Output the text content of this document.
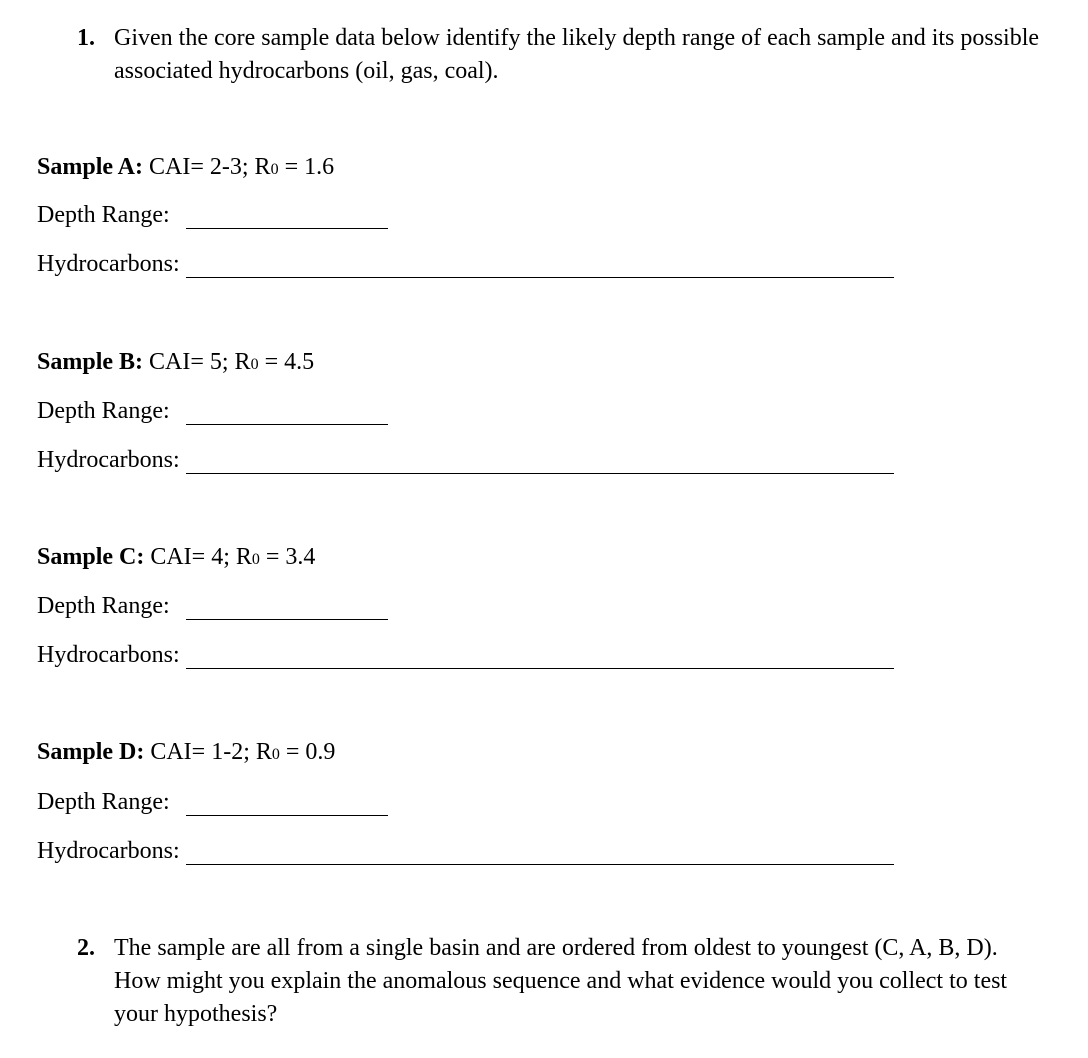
1. Given the core sample data below identify the likely depth range of each sample and its possible associated hydrocarbons (oil, gas, coal).
Sample A: CAI= 2-3; R0 = 1.6
Depth Range:
Hydrocarbons:
Sample B: CAI= 5; R0 = 4.5
Depth Range:
Hydrocarbons:
Sample C: CAI= 4; R0 = 3.4
Depth Range:
Hydrocarbons:
Sample D: CAI= 1-2; R0 = 0.9
Depth Range:
Hydrocarbons:
2. The sample are all from a single basin and are ordered from oldest to youngest (C, A, B, D). How might you explain the anomalous sequence and what evidence would you collect to test your hypothesis?
